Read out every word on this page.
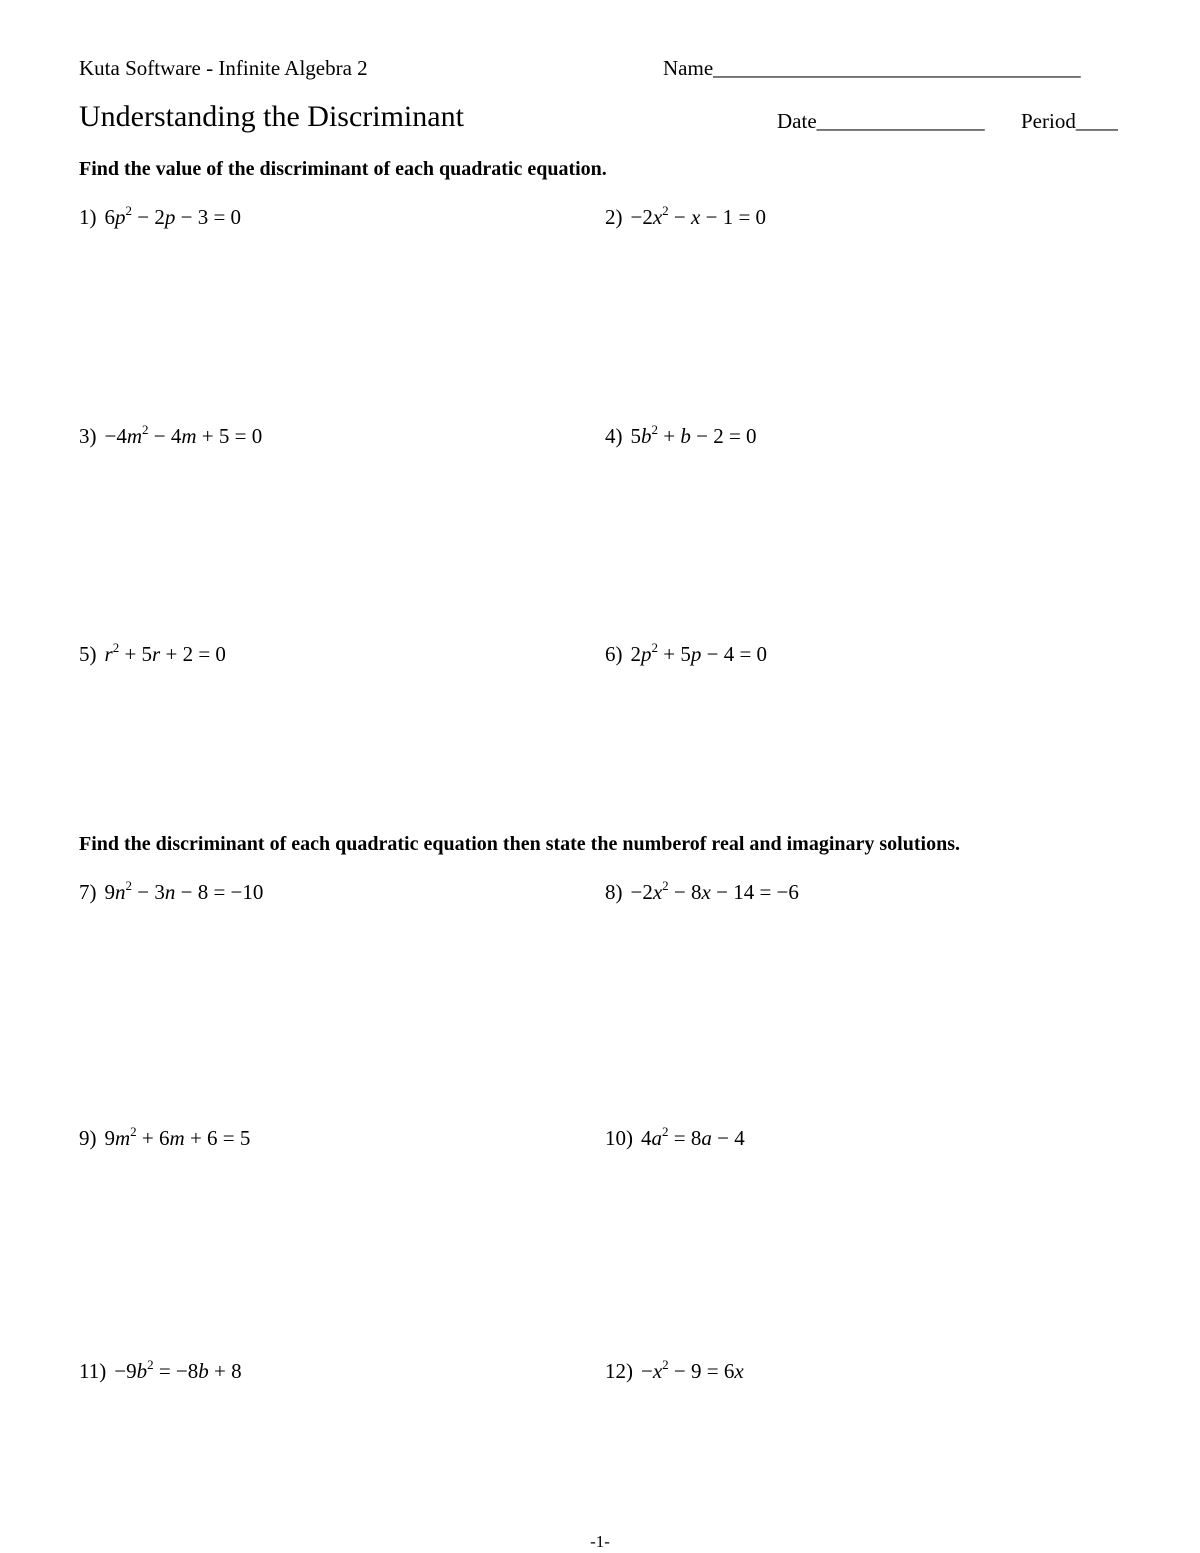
Kuta Software - Infinite Algebra 2	Name___________________________________
Understanding the Discriminant	Date________________ Period____
Find the value of the discriminant of each quadratic equation.
1) $6p^2 - 2p - 3 = 0$	$2) -2x^2 - x - 1 = 0$
$3) -4m^2 - 4m + 5 = 0$	4) $5b^2 + b - 2 = 0$
5) $r^2 + 5r + 2 = 0$	6) $2p^2 + 5p - 4 = 0$
Find the discriminant of each quadratic equation then state the numberof real and imaginary solutions.
7) $9n^2 - 3n - 8 = -10$	$8) -2x^2 - 8x - 14 = -6$
9) $9m^2 + 6m + 6 = 5$	10) $4a^2 = 8a - 4$
$11) -9b^2 = -8b + 8$	$12) -x^2 - 9 = 6x$
-1-
